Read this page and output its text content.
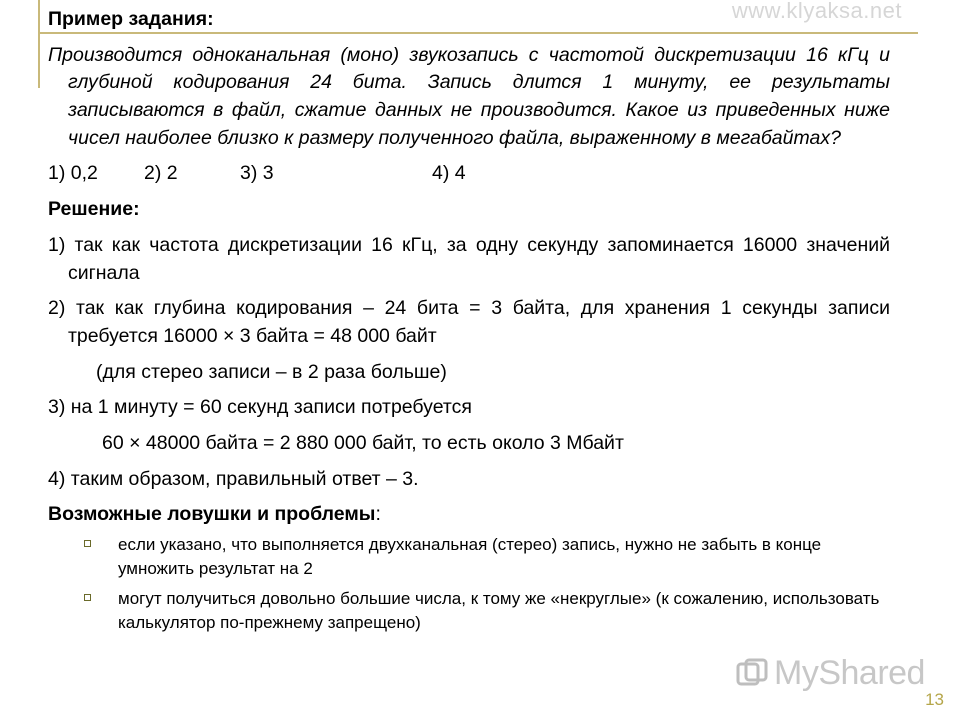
www.klyaksa.net

Пример задания:

Производится одноканальная (моно) звукозапись с частотой дискретизации 16 кГц и глубиной кодирования 24 бита. Запись длится 1 минуту, ее результаты записываются в файл, сжатие данных не производится. Какое из приведенных ниже чисел наиболее близко к размеру полученного файла, выраженному в мегабайтах?

1) 0,2 2) 2	3) 3	4) 4

Решение:

1) так как частота дискретизации 16 кГц, за одну секунду запоминается 16000 значений сигнала

2) так как глубина кодирования – 24 бита = 3 байта, для хранения 1 секунды записи требуется 16000 × 3 байта = 48 000 байт

(для стерео записи – в 2 раза больше)

3) на 1 минуту = 60 секунд записи потребуется

60 × 48000 байта = 2 880 000 байт, то есть около 3 Мбайт

4) таким образом, правильный ответ – 3.

Возможные ловушки и проблемы:

если указано, что выполняется двухканальная (стерео) запись, нужно не забыть в конце умножить результат на 2
могут получиться довольно большие числа, к тому же «некруглые» (к сожалению, использовать калькулятор по-прежнему запрещено)
MyShared
13
